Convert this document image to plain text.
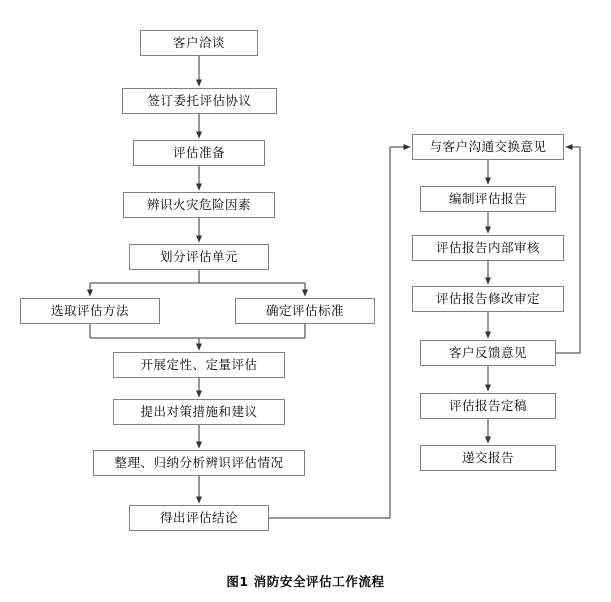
客户洽谈
签订委托评估协议
评估准备
辨识火灾危险因素
划分评估单元
选取评估方法	确定评估标准
开展定性、定量评估
提出对策措施和建议
整理、归纳分析辨识评估情况
得出评估结论
与客户沟通交换意见
编制评估报告
评估报告内部审核
评估报告修改审定
客户反馈意见
评估报告定稿
递交报告
图1 消防安全评估工作流程
